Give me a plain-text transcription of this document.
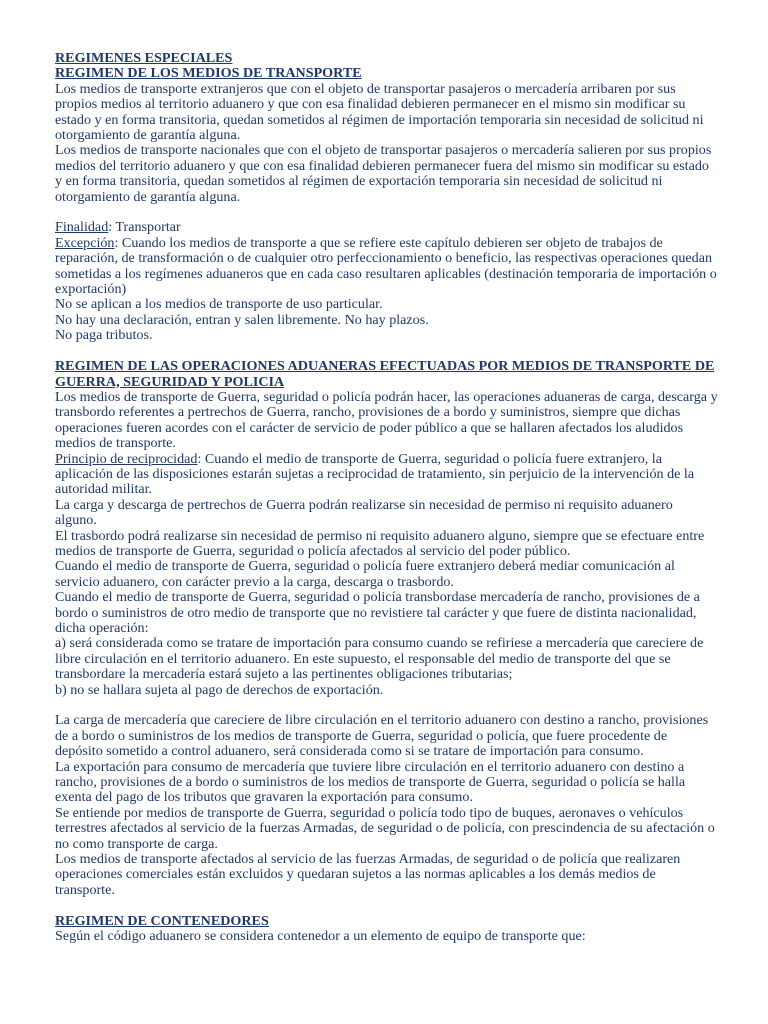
REGIMENES ESPECIALES

REGIMEN DE LOS MEDIOS DE TRANSPORTE

Los medios de transporte extranjeros que con el objeto de transportar pasajeros o mercadería arribaren por sus propios medios al territorio aduanero y que con esa finalidad debieren permanecer en el mismo sin modificar su estado y en forma transitoria, quedan sometidos al régimen de importación temporaria sin necesidad de solicitud ni otorgamiento de garantía alguna.

Los medios de transporte nacionales que con el objeto de transportar pasajeros o mercadería salieren por sus propios medios del territorio aduanero y que con esa finalidad debieren permanecer fuera del mismo sin modificar su estado y en forma transitoria, quedan sometidos al régimen de exportación temporaria sin necesidad de solicitud ni otorgamiento de garantía alguna.

Finalidad: Transportar

Excepción: Cuando los medios de transporte a que se refiere este capítulo debieren ser objeto de trabajos de reparación, de transformación o de cualquier otro perfeccionamiento o beneficio, las respectivas operaciones quedan sometidas a los regímenes aduaneros que en cada caso resultaren aplicables (destinación temporaria de importación o exportación)

No se aplican a los medios de transporte de uso particular.

No hay una declaración, entran y salen libremente. No hay plazos.

No paga tributos.

REGIMEN DE LAS OPERACIONES ADUANERAS EFECTUADAS POR MEDIOS DE TRANSPORTE DE GUERRA, SEGURIDAD Y POLICIA

Los medios de transporte de Guerra, seguridad o policía podrán hacer, las operaciones aduaneras de carga, descarga y transbordo referentes a pertrechos de Guerra, rancho, provisiones de a bordo y suministros, siempre que dichas operaciones fueren acordes con el carácter de servicio de poder público a que se hallaren afectados los aludidos medios de transporte.

Principio de reciprocidad: Cuando el medio de transporte de Guerra, seguridad o policía fuere extranjero, la aplicación de las disposiciones estarán sujetas a reciprocidad de tratamiento, sin perjuicio de la intervención de la autoridad militar.

La carga y descarga de pertrechos de Guerra podrán realizarse sin necesidad de permiso ni requisito aduanero alguno.

El trasbordo podrá realizarse sin necesidad de permiso ni requisito aduanero alguno, siempre que se efectuare entre medios de transporte de Guerra, seguridad o policía afectados al servicio del poder público.

Cuando el medio de transporte de Guerra, seguridad o policía fuere extranjero deberá mediar comunicación al servicio aduanero, con carácter previo a la carga, descarga o trasbordo.

Cuando el medio de transporte de Guerra, seguridad o policía transbordase mercadería de rancho, provisiones de a bordo o suministros de otro medio de transporte que no revistiere tal carácter y que fuere de distinta nacionalidad, dicha operación:

a) será considerada como se tratare de importación para consumo cuando se refiriese a mercadería que careciere de libre circulación en el territorio aduanero. En este supuesto, el responsable del medio de transporte del que se transbordare la mercadería estará sujeto a las pertinentes obligaciones tributarias;

b) no se hallara sujeta al pago de derechos de exportación.

La carga de mercadería que careciere de libre circulación en el territorio aduanero con destino a rancho, provisiones de a bordo o suministros de los medios de transporte de Guerra, seguridad o policía, que fuere procedente de depósito sometido a control aduanero, será considerada como si se tratare de importación para consumo.

La exportación para consumo de mercadería que tuviere libre circulación en el territorio aduanero con destino a rancho, provisiones de a bordo o suministros de los medios de transporte de Guerra, seguridad o policía se halla exenta del pago de los tributos que gravaren la exportación para consumo.

Se entiende por medios de transporte de Guerra, seguridad o policía todo tipo de buques, aeronaves o vehículos terrestres afectados al servicio de la fuerzas Armadas, de seguridad o de policía, con prescindencia de su afectación o no como transporte de carga.

Los medios de transporte afectados al servicio de las fuerzas Armadas, de seguridad o de policía que realizaren operaciones comerciales están excluidos y quedaran sujetos a las normas aplicables a los demás medios de transporte.

REGIMEN DE CONTENEDORES

Según el código aduanero se considera contenedor a un elemento de equipo de transporte que:
